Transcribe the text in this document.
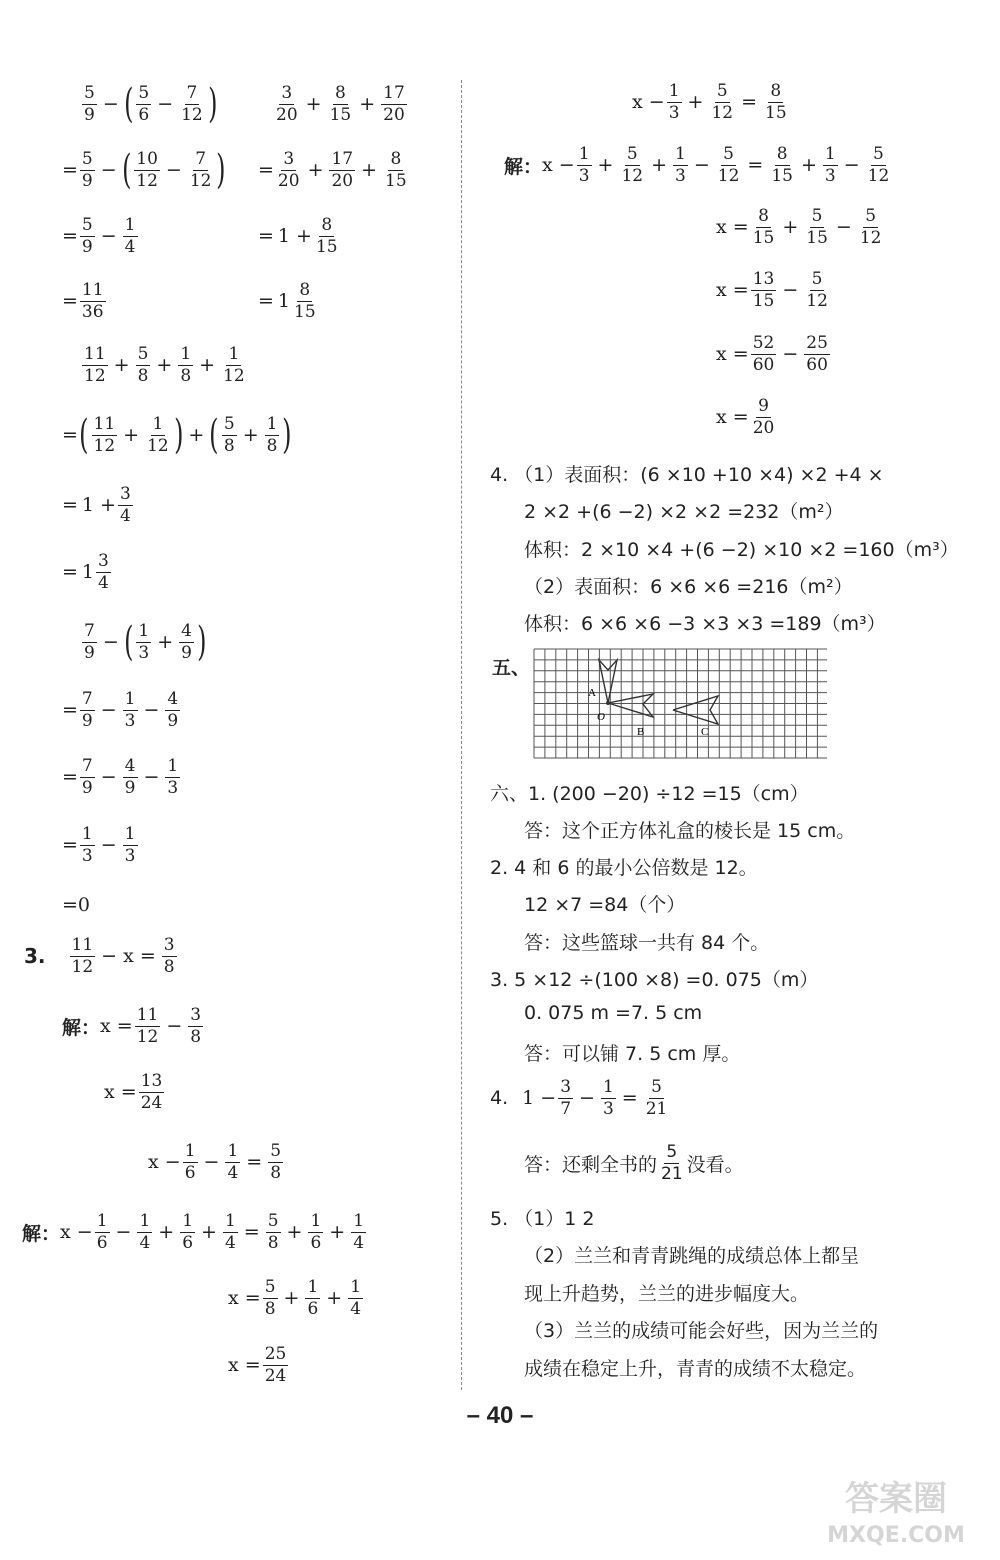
$\frac{5}{9}$ − ( $\frac{5}{6} - \frac{7}{12}$ )	$\frac{3}{20} + \frac{8}{15} + \frac{17}{20}$
= $\frac{5}{9}$ − ( $\frac{10}{12} - \frac{7}{12}$ ) = $\frac{3}{20} + \frac{17}{20} + \frac{8}{15}$
= $\frac{5}{9} - \frac{1}{4}$	= $1 + \frac{8}{15}$
= $\frac{11}{36}$	= $1 \frac{8}{15}$
$\frac{11}{12} + \frac{5}{8} + \frac{1}{8} + \frac{1}{12}$
= ( $\frac{11}{12} + \frac{1}{12}$ ) + ( $\frac{5}{8} + \frac{1}{8}$ )
= $1 + \frac{3}{4}$
= $1 \frac{3}{4}$
$\frac{7}{9}$ − ( $\frac{1}{3} + \frac{4}{9}$ )
= $\frac{7}{9} - \frac{1}{3} - \frac{4}{9}$
= $\frac{7}{9} - \frac{4}{9} - \frac{1}{3}$
= $\frac{1}{3} - \frac{1}{3}$
=0
3. $\frac{11}{12} - x = \frac{3}{8}$
解： $x = \frac{11}{12} - \frac{3}{8}$
$x = \frac{13}{24}$
$x - \frac{1}{6} - \frac{1}{4} = \frac{5}{8}$
解： $x - \frac{1}{6} - \frac{1}{4} + \frac{1}{6} + \frac{1}{4} = \frac{5}{8} + \frac{1}{6} + \frac{1}{4}$
$x = \frac{5}{8} + \frac{1}{6} + \frac{1}{4}$
$x = \frac{25}{24}$
$x - \frac{1}{3} + \frac{5}{12} = \frac{8}{15}$
解： $x - \frac{1}{3} + \frac{5}{12} + \frac{1}{3} - \frac{5}{12} = \frac{8}{15} + \frac{1}{3} - \frac{5}{12}$
$x = \frac{8}{15} + \frac{5}{15} - \frac{5}{12}$
$x = \frac{13}{15} - \frac{5}{12}$
$x = \frac{52}{60} - \frac{25}{60}$
$x = \frac{9}{20}$
4. （1）表面积：(6 ×10 +10 ×4) ×2 +4 ×
2 ×2 +(6 −2) ×2 ×2 =232（m²）
体积：2 ×10 ×4 +(6 −2) ×10 ×2 =160（m³）
（2）表面积：6 ×6 ×6 =216（m²）
体积：6 ×6 ×6 −3 ×3 ×3 =189（m³）
五、
A
O
B	C
六、1. (200 −20) ÷12 =15（cm）
答：这个正方体礼盒的棱长是 15 cm。
2. 4 和 6 的最小公倍数是 12。
12 ×7 =84（个）
答：这些篮球一共有 84 个。
3. 5 ×12 ÷(100 ×8) =0. 075（m）
0. 075 m =7. 5 cm
答：可以铺 7. 5 cm 厚。
4. $1 - \frac{3}{7} - \frac{1}{3} = \frac{5}{21}$
答：还剩全书的 $\frac{5}{21}$ 没看。
5. （1）1 2
（2）兰兰和青青跳绳的成绩总体上都呈
现上升趋势，兰兰的进步幅度大。
（3）兰兰的成绩可能会好些，因为兰兰的
成绩在稳定上升，青青的成绩不太稳定。
– 40 –
答案圈
MXQE.COM
